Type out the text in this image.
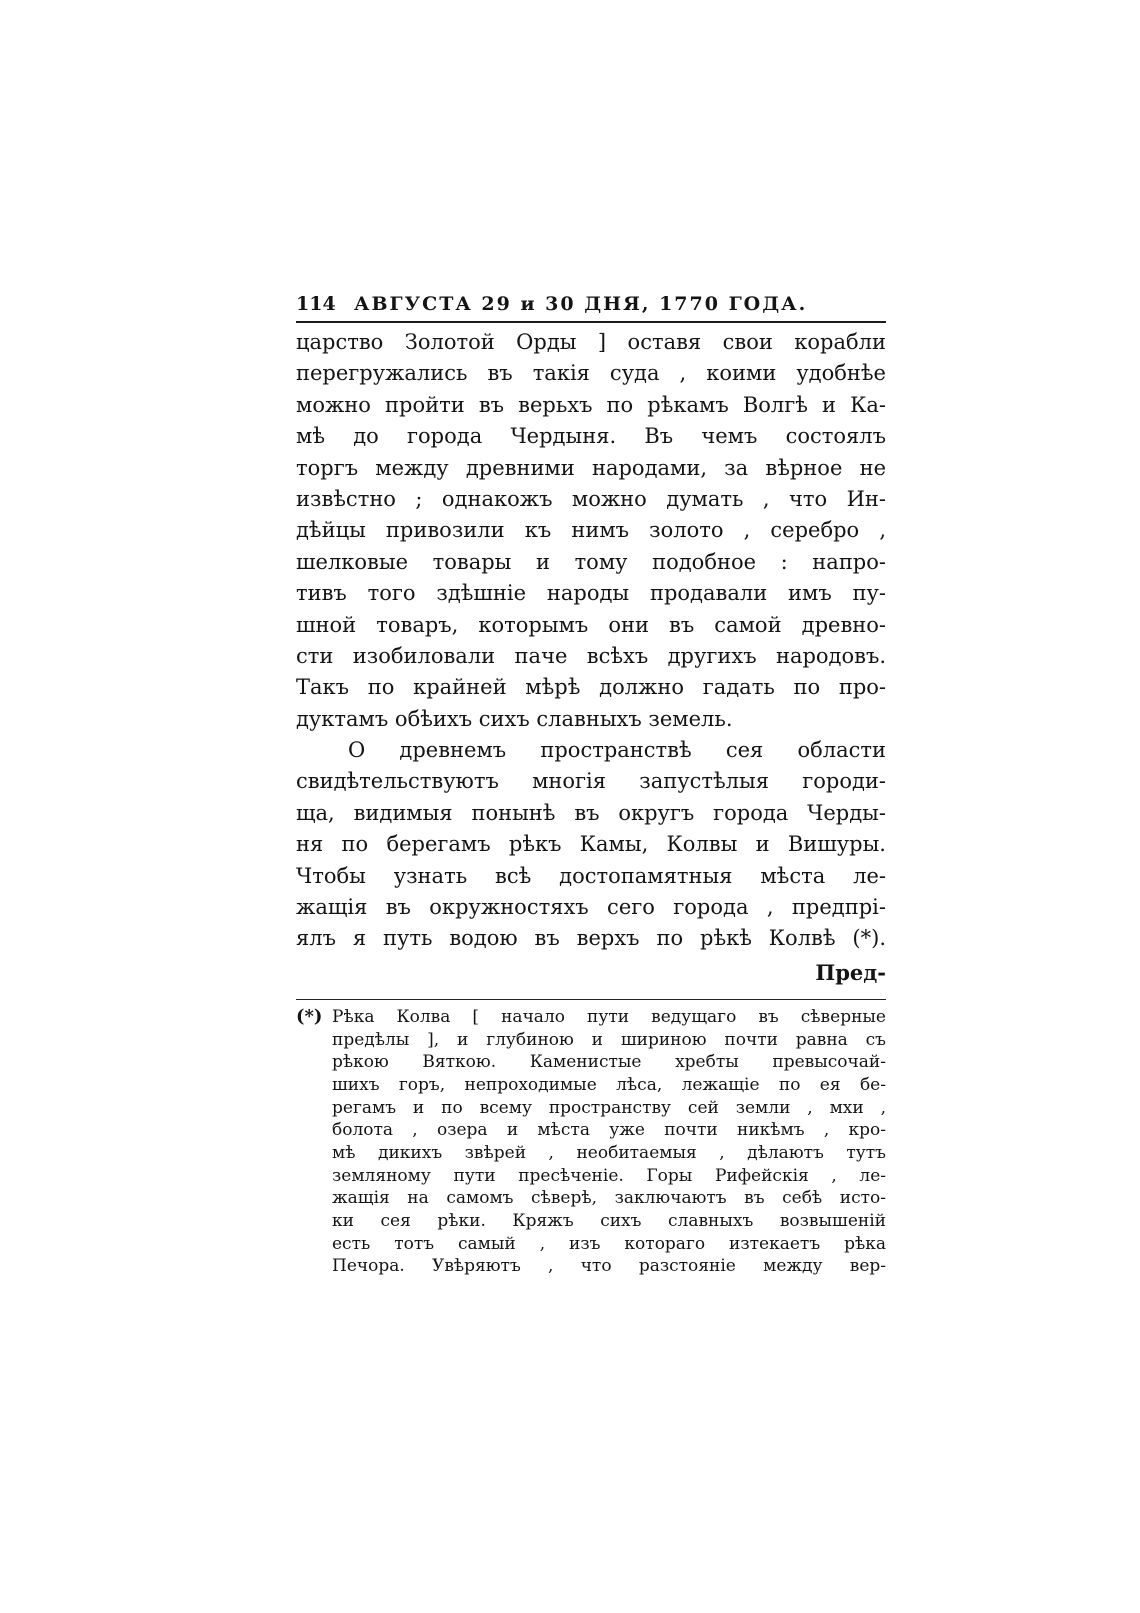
114 АВГУСТА 29 и 30 ДНЯ, 1770 ГОДА.
царство Золотой Орды ] оставя свои корабли
перегружались въ такія суда , коими удобнѣе
можно пройти въ верьхъ по рѣкамъ Волгѣ и Ка-
мѣ до города Чердыня. Въ чемъ состоялъ
торгъ между древними народами, за вѣрное не
извѣстно ; однакожъ можно думать , что Ин-
дѣйцы привозили къ нимъ золото , серебро ,
шелковые товары и тому подобное : напро-
тивъ того здѣшніе народы продавали имъ пу-
шной товаръ, которымъ они въ самой древно-
сти изобиловали паче всѣхъ другихъ народовъ.
Такъ по крайней мѣрѣ должно гадать по про-
дуктамъ обѣихъ сихъ славныхъ земель.
О древнемъ пространствѣ сея области
свидѣтельствуютъ многія запустѣлыя городи-
ща, видимыя понынѣ въ округъ города Черды-
ня по берегамъ рѣкъ Камы, Колвы и Вишуры.
Чтобы узнать всѣ достопамятныя мѣста ле-
жащія въ окружностяхъ сего города , предпрі-
ялъ я путь водою въ верхъ по рѣкѣ Колвѣ (*).
Пред-
(*) Рѣка Колва [ начало пути ведущаго въ сѣверные
предѣлы ], и глубиною и шириною почти равна съ
рѣкою Вяткою. Каменистые хребты превысочай-
шихъ горъ, непроходимые лѣса, лежащіе по ея бе-
регамъ и по всему пространству сей земли , мхи ,
болота , озера и мѣста уже почти никѣмъ , кро-
мѣ дикихъ звѣрей , необитаемыя , дѣлаютъ тутъ
земляному пути пресѣченіе. Горы Рифейскія , ле-
жащія на самомъ сѣверѣ, заключаютъ въ себѣ исто-
ки сея рѣки. Кряжъ сихъ славныхъ возвышеній
есть тотъ самый , изъ котораго изтекаетъ рѣка
Печора. Увѣряютъ , что разстояніе между вер-
